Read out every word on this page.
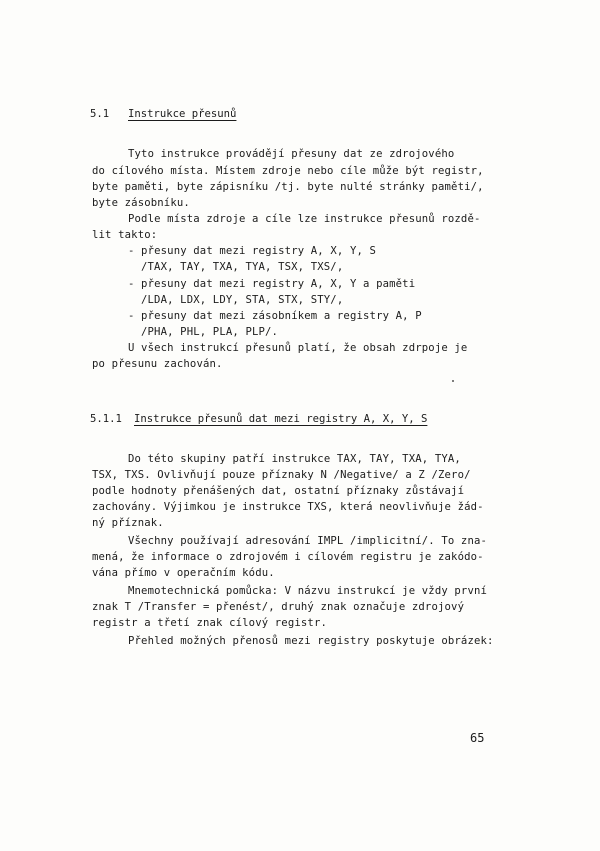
5.1 Instrukce přesunů
Tyto instrukce provádějí přesuny dat ze zdrojového
do cílového místa. Místem zdroje nebo cíle může být registr,
byte paměti, byte zápisníku /tj. byte nulté stránky paměti/,
byte zásobníku.
Podle místa zdroje a cíle lze instrukce přesunů rozdě-
lit takto:
- přesuny dat mezi registry A, X, Y, S
/TAX, TAY, TXA, TYA, TSX, TXS/,
- přesuny dat mezi registry A, X, Y a paměti
/LDA, LDX, LDY, STA, STX, STY/,
- přesuny dat mezi zásobníkem a registry A, P
/PHA, PHL, PLA, PLP/.
U všech instrukcí přesunů platí, že obsah zdrpoje je
po přesunu zachován.
5.1.1 Instrukce přesunů dat mezi registry A, X, Y, S
Do této skupiny patří instrukce TAX, TAY, TXA, TYA,
TSX, TXS. Ovlivňují pouze příznaky N /Negative/ a Z /Zero/
podle hodnoty přenášených dat, ostatní příznaky zůstávají
zachovány. Výjimkou je instrukce TXS, která neovlivňuje žád-
ný příznak.
Všechny používají adresování IMPL /implicitní/. To zna-
mená, že informace o zdrojovém i cílovém registru je zakódo-
vána přímo v operačním kódu.
Mnemotechnická pomůcka: V názvu instrukcí je vždy první
znak T /Transfer = přenést/, druhý znak označuje zdrojový
registr a třetí znak cílový registr.
Přehled možných přenosů mezi registry poskytuje obrázek:
65
